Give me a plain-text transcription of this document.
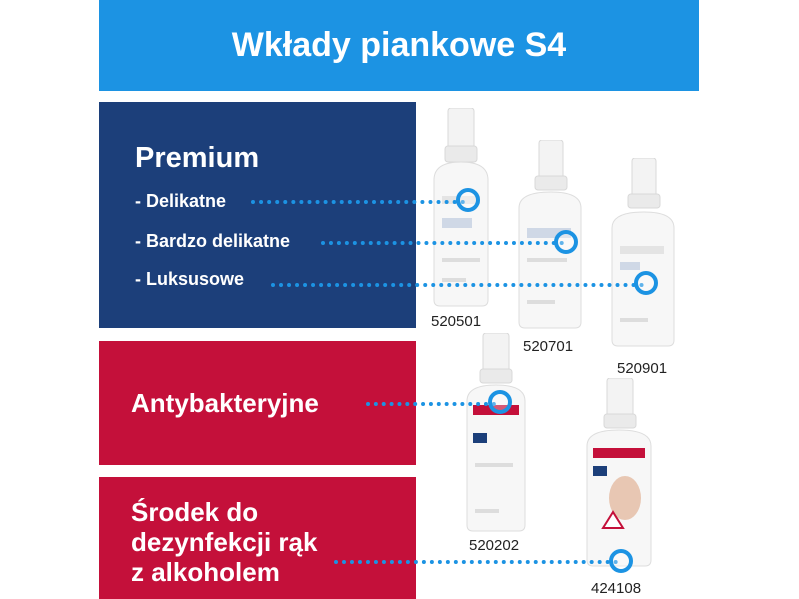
Wkłady piankowe S4
Premium
- Delikatne
- Bardzo delikatne
- Luksusowe
Antybakteryjne
Środek do
dezynfekcji rąk
z alkoholem
520501
520701
520901
520202
424108
